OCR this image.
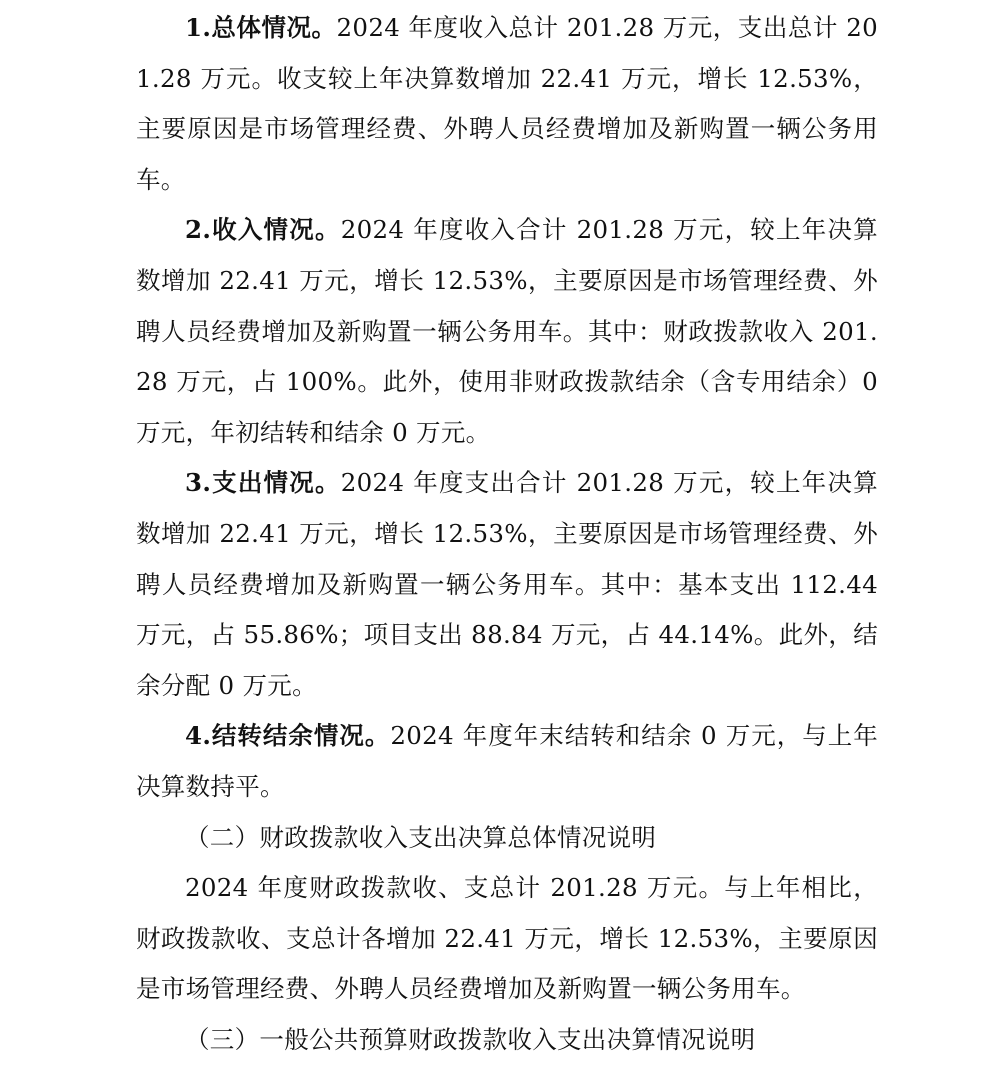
1.总体情况。2024 年度收入总计 201.28 万元，支出总计 201.28 万元。收支较上年决算数增加 22.41 万元，增长 12.53%，主要原因是市场管理经费、外聘人员经费增加及新购置一辆公务用车。

2.收入情况。2024 年度收入合计 201.28 万元，较上年决算数增加 22.41 万元，增长 12.53%，主要原因是市场管理经费、外聘人员经费增加及新购置一辆公务用车。其中：财政拨款收入 201.28 万元，占 100%。此外，使用非财政拨款结余（含专用结余）0 万元，年初结转和结余 0 万元。

3.支出情况。2024 年度支出合计 201.28 万元，较上年决算数增加 22.41 万元，增长 12.53%，主要原因是市场管理经费、外聘人员经费增加及新购置一辆公务用车。其中：基本支出 112.44 万元，占 55.86%；项目支出 88.84 万元，占 44.14%。此外，结余分配 0 万元。

4.结转结余情况。2024 年度年末结转和结余 0 万元，与上年决算数持平。

（二）财政拨款收入支出决算总体情况说明

2024 年度财政拨款收、支总计 201.28 万元。与上年相比，财政拨款收、支总计各增加 22.41 万元，增长 12.53%，主要原因是市场管理经费、外聘人员经费增加及新购置一辆公务用车。

（三）一般公共预算财政拨款收入支出决算情况说明
